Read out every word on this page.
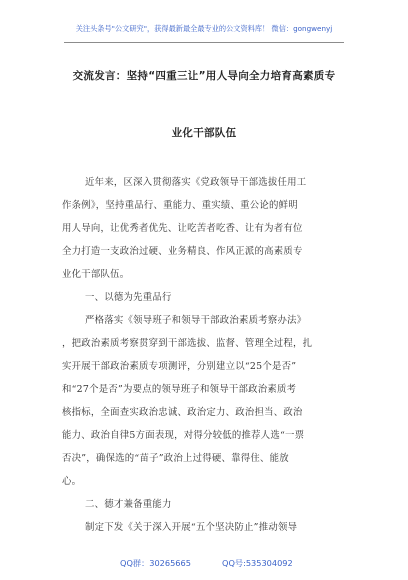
关注头条号"公文研究"，获得最新最全最专业的公文资料库！ 微信：gongwenyj
交流发言：坚持“四重三让”用人导向全力培育高素质专
业化干部队伍
近年来，区深入贯彻落实《党政领导干部选拔任用工
作条例》，坚持重品行、重能力、重实绩、重公论的鲜明
用人导向，让优秀者优先、让吃苦者吃香、让有为者有位
全力打造一支政治过硬、业务精良、作风正派的高素质专
业化干部队伍。
一、以德为先重品行
严格落实《领导班子和领导干部政治素质考察办法》
，把政治素质考察贯穿到干部选拔、监督、管理全过程，扎
实开展干部政治素质专项测评，分别建立以“25个是否”
和“27个是否”为要点的领导班子和领导干部政治素质考
核指标，全面查实政治忠诚、政治定力、政治担当、政治
能力、政治自律5方面表现，对得分较低的推荐人选“一票
否决”，确保选的“苗子”政治上过得硬、靠得住、能放
心。
二、德才兼备重能力
制定下发《关于深入开展“五个坚决防止”推动领导
QQ群：30265665	QQ号:535304092
